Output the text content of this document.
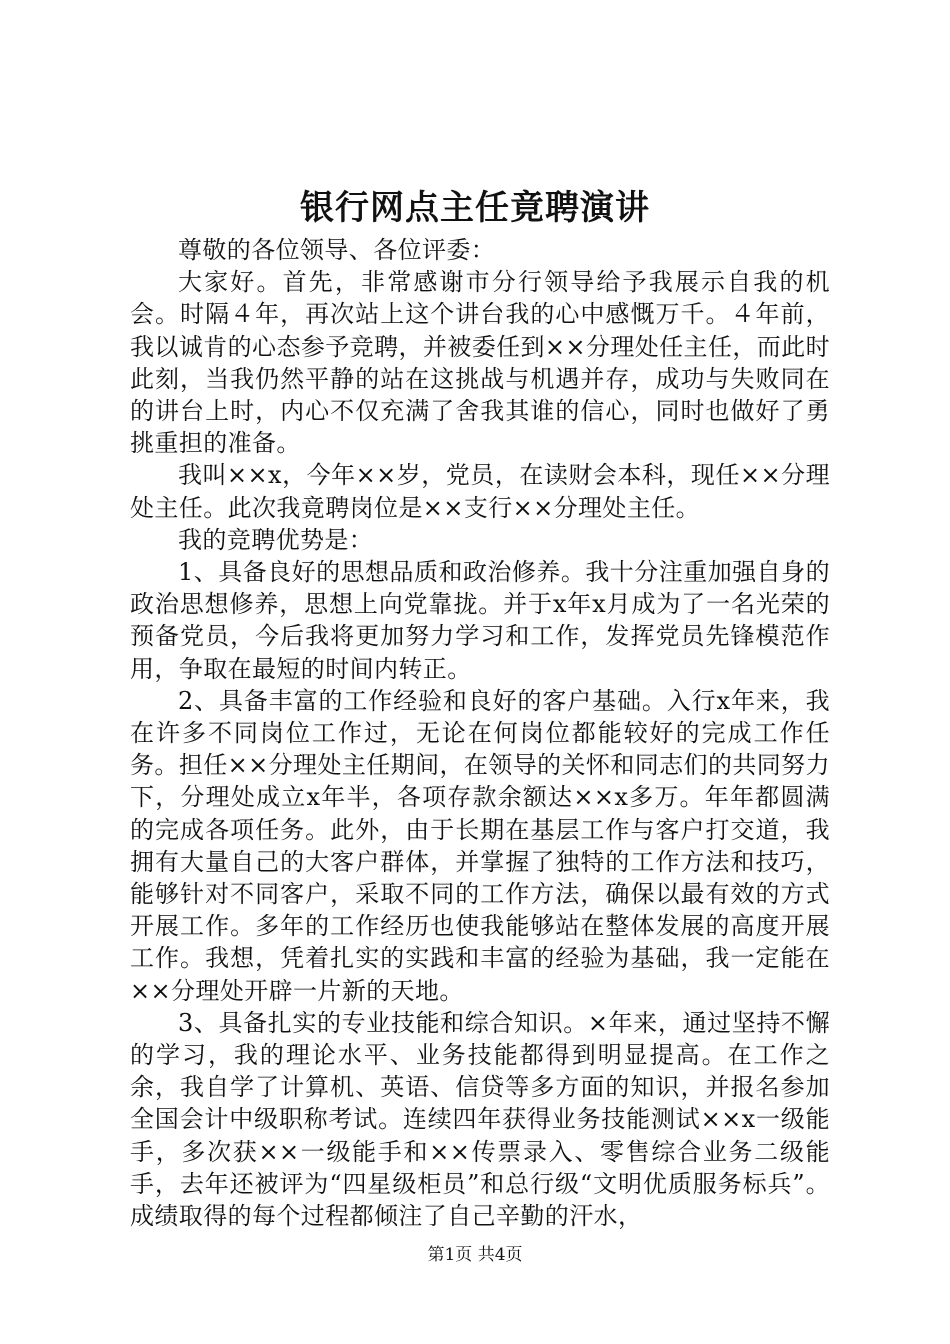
银行网点主任竟聘演讲

尊敬的各位领导、各位评委：

大家好。首先，非常感谢市分行领导给予我展示自我的机会。时隔４年，再次站上这个讲台我的心中感慨万千。４年前，我以诚肯的心态参予竞聘，并被委任到××分理处任主任，而此时此刻，当我仍然平静的站在这挑战与机遇并存，成功与失败同在的讲台上时，内心不仅充满了舍我其谁的信心，同时也做好了勇挑重担的准备。

我叫××x，今年××岁，党员，在读财会本科，现任××分理处主任。此次我竟聘岗位是××支行××分理处主任。

我的竞聘优势是：

1、具备良好的思想品质和政治修养。我十分注重加强自身的政治思想修养，思想上向党靠拢。并于x年x月成为了一名光荣的预备党员，今后我将更加努力学习和工作，发挥党员先锋模范作用，争取在最短的时间内转正。

2、具备丰富的工作经验和良好的客户基础。入行x年来，我在许多不同岗位工作过，无论在何岗位都能较好的完成工作任务。担任××分理处主任期间，在领导的关怀和同志们的共同努力下，分理处成立x年半，各项存款余额达××x多万。年年都圆满的完成各项任务。此外，由于长期在基层工作与客户打交道，我拥有大量自己的大客户群体，并掌握了独特的工作方法和技巧，能够针对不同客户，采取不同的工作方法，确保以最有效的方式开展工作。多年的工作经历也使我能够站在整体发展的高度开展工作。我想，凭着扎实的实践和丰富的经验为基础，我一定能在××分理处开辟一片新的天地。

3、具备扎实的专业技能和综合知识。×年来，通过坚持不懈的学习，我的理论水平、业务技能都得到明显提高。在工作之余，我自学了计算机、英语、信贷等多方面的知识，并报名参加全国会计中级职称考试。连续四年获得业务技能测试××x一级能手，多次获××一级能手和××传票录入、零售综合业务二级能手，去年还被评为“四星级柜员”和总行级“文明优质服务标兵”。成绩取得的每个过程都倾注了自己辛勤的汗水，

第1页 共4页
